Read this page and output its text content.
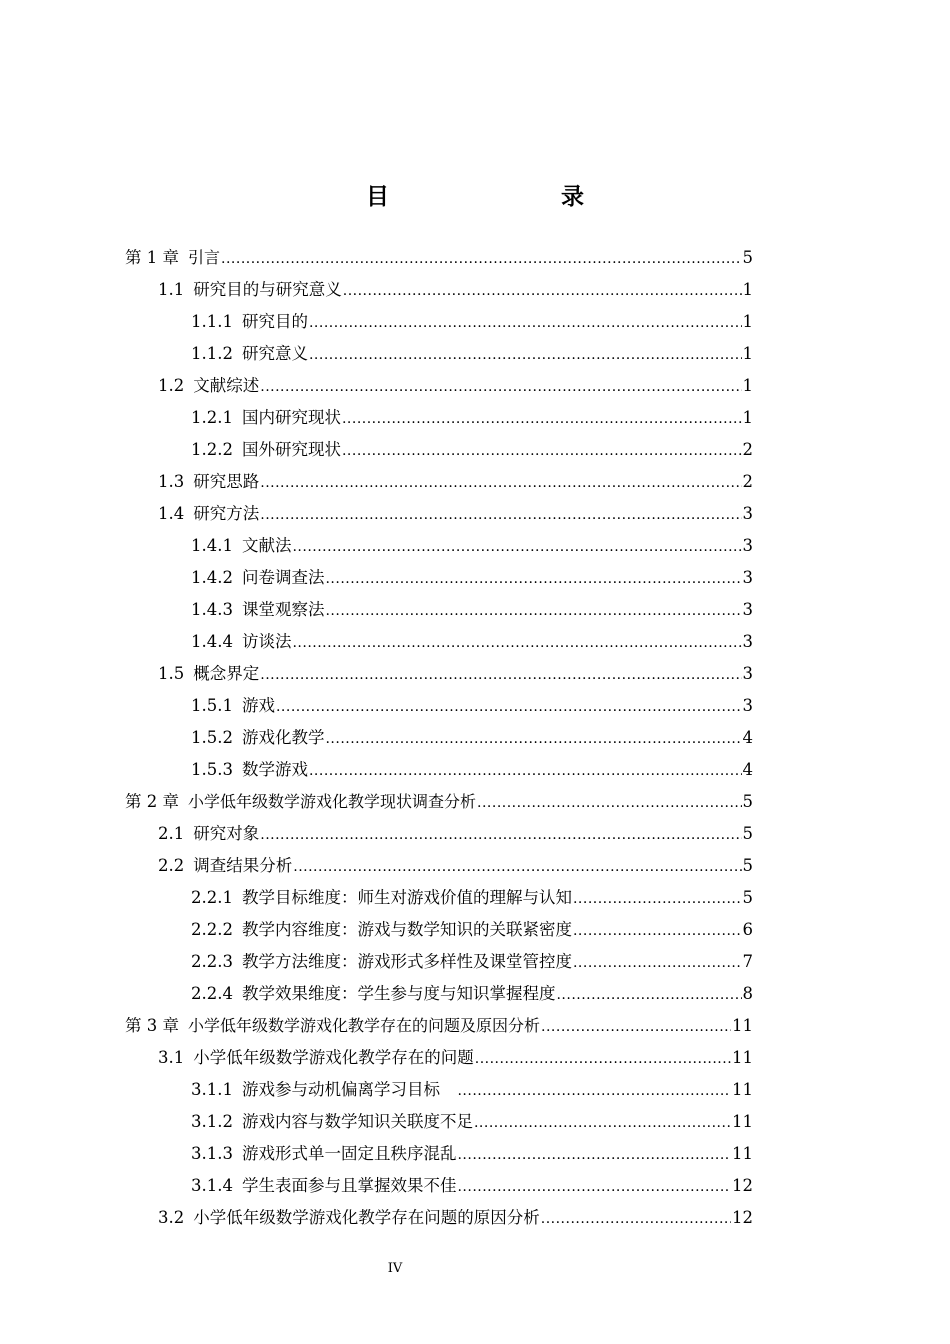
目　　录
第 1 章 引言 .....	5
1.1 研究目的与研究意义 .....	1
1.1.1 研究目的 .....	1
1.1.2 研究意义 .....	1
1.2 文献综述 .....	1
1.2.1 国内研究现状 .....	1
1.2.2 国外研究现状 .....	2
1.3 研究思路 .....	2
1.4 研究方法 .....	3
1.4.1 文献法 .....	3
1.4.2 问卷调查法 .....	3
1.4.3 课堂观察法 .....	3
1.4.4 访谈法 .....	3
1.5 概念界定 .....	3
1.5.1 游戏 .....	3
1.5.2 游戏化教学 .....	4
1.5.3 数学游戏 .....	4
第 2 章 小学低年级数学游戏化教学现状调查分析 .....	5
2.1 研究对象 .....	5
2.2 调查结果分析 .....	5
2.2.1 教学目标维度：师生对游戏价值的理解与认知 .....	5
2.2.2 教学内容维度：游戏与数学知识的关联紧密度 .....	6
2.2.3 教学方法维度：游戏形式多样性及课堂管控度 .....	7
2.2.4 教学效果维度：学生参与度与知识掌握程度 .....	8
第 3 章 小学低年级数学游戏化教学存在的问题及原因分析 .....	11
3.1 小学低年级数学游戏化教学存在的问题 .....	11
3.1.1 游戏参与动机偏离学习目标　 .....	11
3.1.2 游戏内容与数学知识关联度不足 .....	11
3.1.3 游戏形式单一固定且秩序混乱 .....	11
3.1.4 学生表面参与且掌握效果不佳 .....	12
3.2 小学低年级数学游戏化教学存在问题的原因分析 .....	12
IV
